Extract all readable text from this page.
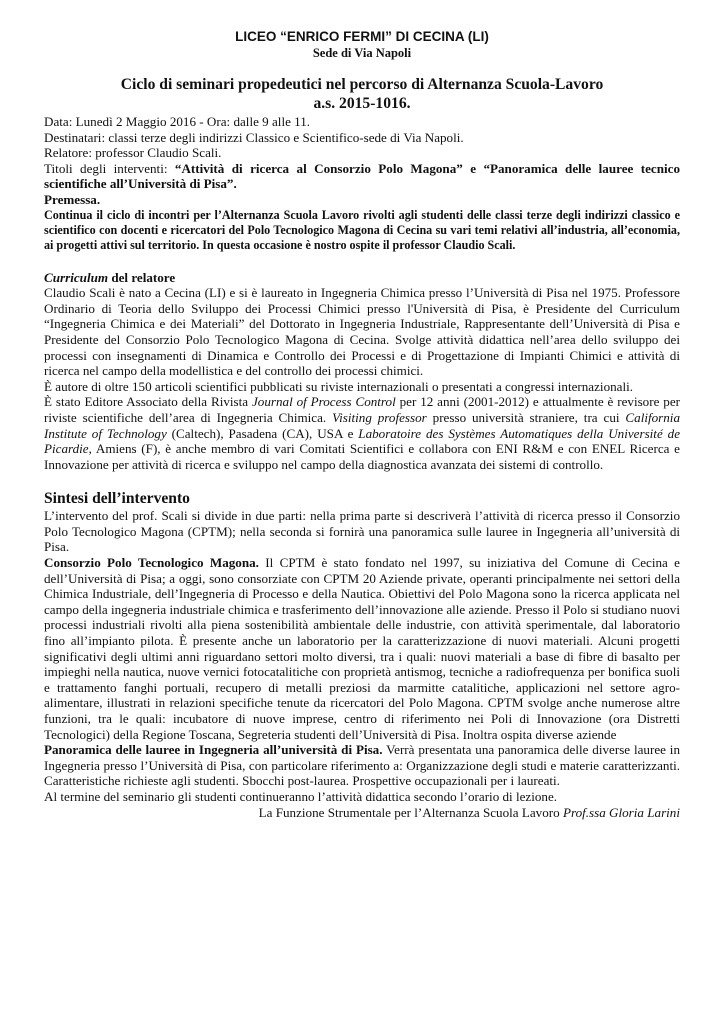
LICEO “ENRICO FERMI” DI CECINA (LI)
Sede di Via Napoli
Ciclo di seminari propedeutici nel percorso di Alternanza Scuola-Lavoro
a.s. 2015-1016.
Data: Lunedì 2 Maggio 2016 - Ora: dalle 9 alle 11.
Destinatari: classi terze degli indirizzi Classico e Scientifico-sede di Via Napoli.
Relatore: professor Claudio Scali.
Titoli degli interventi: “Attività di ricerca al Consorzio Polo Magona” e “Panoramica delle lauree tecnico scientifiche all’Università di Pisa”.
Premessa.

Continua il ciclo di incontri per l’Alternanza Scuola Lavoro rivolti agli studenti delle classi terze degli indirizzi classico e scientifico con docenti e ricercatori del Polo Tecnologico Magona di Cecina su vari temi relativi all’industria, all’economia, ai progetti attivi sul territorio. In questa occasione è nostro ospite il professor Claudio Scali.

Curriculum del relatore

Claudio Scali è nato a Cecina (LI) e si è laureato in Ingegneria Chimica presso l’Università di Pisa nel 1975. Professore Ordinario di Teoria dello Sviluppo dei Processi Chimici presso l'Università di Pisa, è Presidente del Curriculum “Ingegneria Chimica e dei Materiali” del Dottorato in Ingegneria Industriale, Rappresentante dell’Università di Pisa e Presidente del Consorzio Polo Tecnologico Magona di Cecina. Svolge attività didattica nell’area dello sviluppo dei processi con insegnamenti di Dinamica e Controllo dei Processi e di Progettazione di Impianti Chimici e attività di ricerca nel campo della modellistica e del controllo dei processi chimici.

È autore di oltre 150 articoli scientifici pubblicati su riviste internazionali o presentati a congressi internazionali.

È stato Editore Associato della Rivista Journal of Process Control per 12 anni (2001-2012) e attualmente è revisore per riviste scientifiche dell’area di Ingegneria Chimica. Visiting professor presso università straniere, tra cui California Institute of Technology (Caltech), Pasadena (CA), USA e Laboratoire des Systèmes Automatiques della Université de Picardie, Amiens (F), è anche membro di vari Comitati Scientifici e collabora con ENI R&M e con ENEL Ricerca e Innovazione per attività di ricerca e sviluppo nel campo della diagnostica avanzata dei sistemi di controllo.

Sintesi dell’intervento

L’intervento del prof. Scali si divide in due parti: nella prima parte si descriverà l’attività di ricerca presso il Consorzio Polo Tecnologico Magona (CPTM); nella seconda si fornirà una panoramica sulle lauree in Ingegneria all’università di Pisa.

Consorzio Polo Tecnologico Magona. Il CPTM è stato fondato nel 1997, su iniziativa del Comune di Cecina e dell’Università di Pisa; a oggi, sono consorziate con CPTM 20 Aziende private, operanti principalmente nei settori della Chimica Industriale, dell’Ingegneria di Processo e della Nautica. Obiettivi del Polo Magona sono la ricerca applicata nel campo della ingegneria industriale chimica e trasferimento dell’innovazione alle aziende. Presso il Polo si studiano nuovi processi industriali rivolti alla piena sostenibilità ambientale delle industrie, con attività sperimentale, dal laboratorio fino all’impianto pilota. È presente anche un laboratorio per la caratterizzazione di nuovi materiali. Alcuni progetti significativi degli ultimi anni riguardano settori molto diversi, tra i quali: nuovi materiali a base di fibre di basalto per impieghi nella nautica, nuove vernici fotocatalitiche con proprietà antismog, tecniche a radiofrequenza per bonifica suoli e trattamento fanghi portuali, recupero di metalli preziosi da marmitte catalitiche, applicazioni nel settore agro-alimentare, illustrati in relazioni specifiche tenute da ricercatori del Polo Magona. CPTM svolge anche numerose altre funzioni, tra le quali: incubatore di nuove imprese, centro di riferimento nei Poli di Innovazione (ora Distretti Tecnologici) della Regione Toscana, Segreteria studenti dell’Università di Pisa. Inoltra ospita diverse aziende

Panoramica delle lauree in Ingegneria all’università di Pisa. Verrà presentata una panoramica delle diverse lauree in Ingegneria presso l’Università di Pisa, con particolare riferimento a: Organizzazione degli studi e materie caratterizzanti. Caratteristiche richieste agli studenti. Sbocchi post-laurea. Prospettive occupazionali per i laureati.

Al termine del seminario gli studenti continueranno l’attività didattica secondo l’orario di lezione.

La Funzione Strumentale per l’Alternanza Scuola Lavoro Prof.ssa Gloria Larini
